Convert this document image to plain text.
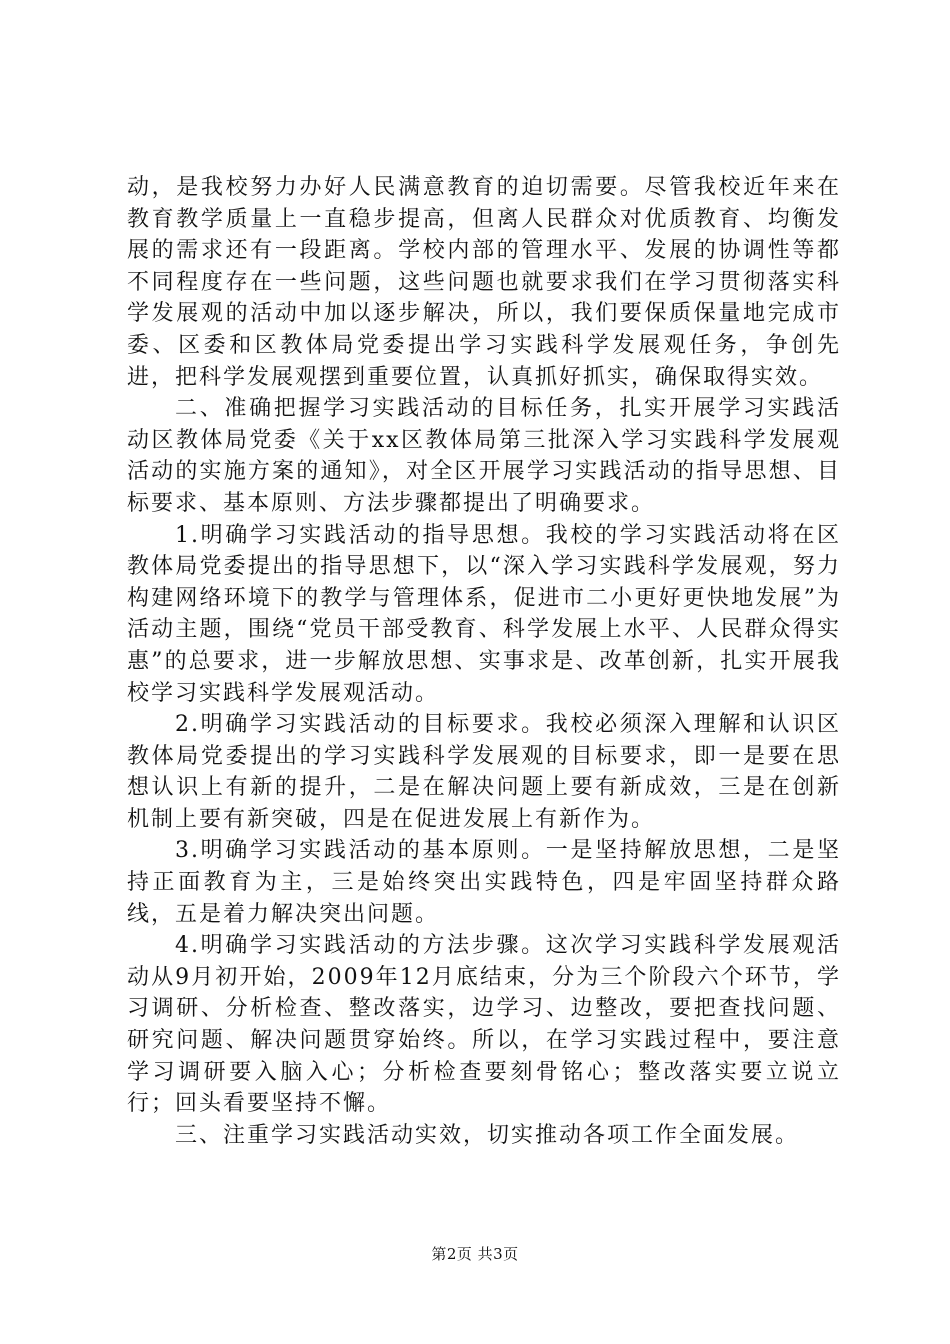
动，是我校努力办好人民满意教育的迫切需要。尽管我校近年来在教育教学质量上一直稳步提高，但离人民群众对优质教育、均衡发展的需求还有一段距离。学校内部的管理水平、发展的协调性等都不同程度存在一些问题，这些问题也就要求我们在学习贯彻落实科学发展观的活动中加以逐步解决，所以，我们要保质保量地完成市委、区委和区教体局党委提出学习实践科学发展观任务，争创先进，把科学发展观摆到重要位置，认真抓好抓实，确保取得实效。

二、准确把握学习实践活动的目标任务，扎实开展学习实践活动区教体局党委《关于xx区教体局第三批深入学习实践科学发展观活动的实施方案的通知》，对全区开展学习实践活动的指导思想、目标要求、基本原则、方法步骤都提出了明确要求。

1.明确学习实践活动的指导思想。我校的学习实践活动将在区教体局党委提出的指导思想下，以“深入学习实践科学发展观，努力构建网络环境下的教学与管理体系，促进市二小更好更快地发展”为活动主题，围绕“党员干部受教育、科学发展上水平、人民群众得实惠”的总要求，进一步解放思想、实事求是、改革创新，扎实开展我校学习实践科学发展观活动。

2.明确学习实践活动的目标要求。我校必须深入理解和认识区教体局党委提出的学习实践科学发展观的目标要求，即一是要在思想认识上有新的提升，二是在解决问题上要有新成效，三是在创新机制上要有新突破，四是在促进发展上有新作为。

3.明确学习实践活动的基本原则。一是坚持解放思想，二是坚持正面教育为主，三是始终突出实践特色，四是牢固坚持群众路线，五是着力解决突出问题。

4.明确学习实践活动的方法步骤。这次学习实践科学发展观活动从9月初开始，2009年12月底结束，分为三个阶段六个环节，学习调研、分析检查、整改落实，边学习、边整改，要把查找问题、研究问题、解决问题贯穿始终。所以，在学习实践过程中，要注意学习调研要入脑入心；分析检查要刻骨铭心；整改落实要立说立行；回头看要坚持不懈。

三、注重学习实践活动实效，切实推动各项工作全面发展。

第2页 共3页
